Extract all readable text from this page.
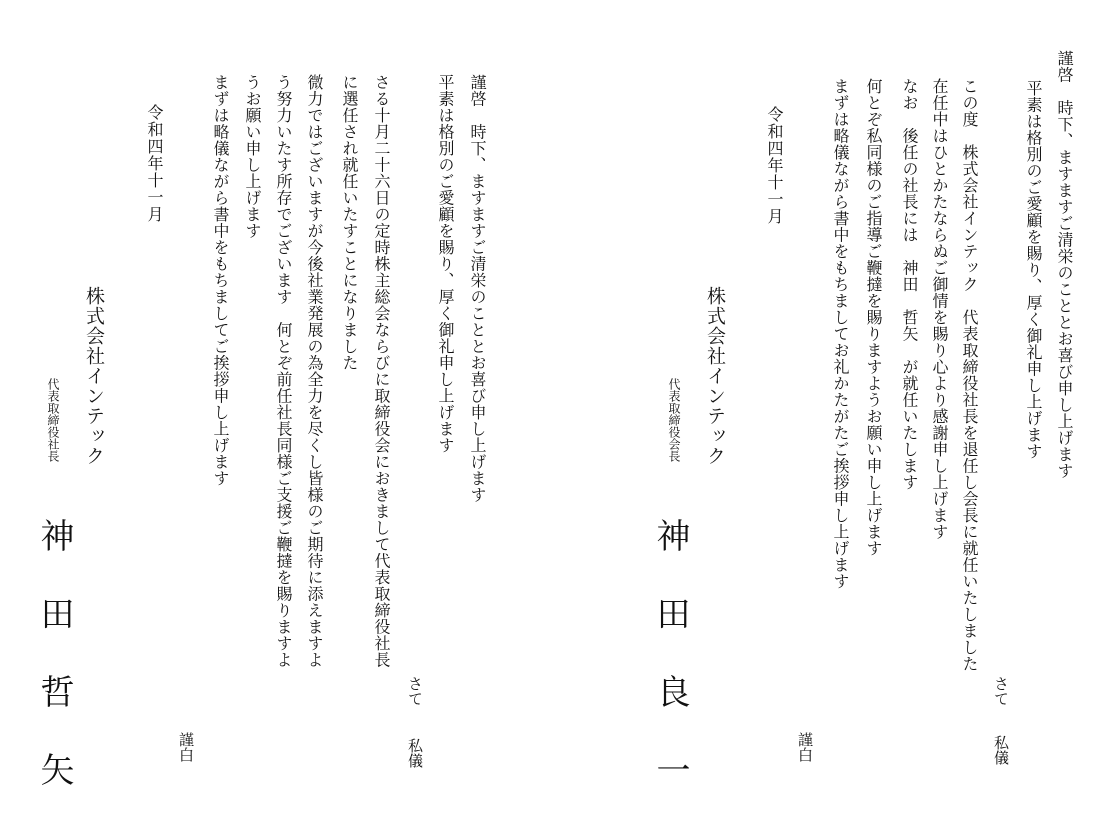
謹啓　時下、ますますご清栄のこととお喜び申し上げます
平素は格別のご愛顧を賜り、厚く御礼申し上げます
さて
私儀
この度　株式会社インテック　代表取締役社長を退任し会長に就任いたしました
在任中はひとかたならぬご御情を賜り心より感謝申し上げます
なお　後任の社長には　神田　哲矢　が就任いたします
何とぞ私同様のご指導ご鞭撻を賜りますようお願い申し上げます
まずは略儀ながら書中をもちましてお礼かたがたご挨拶申し上げます
謹白
令和四年十一月
株式会社インテック
代表取締役会長
神田良一
謹啓　時下、ますますご清栄のこととお喜び申し上げます
平素は格別のご愛顧を賜り、厚く御礼申し上げます
さて
私儀
さる十月二十六日の定時株主総会ならびに取締役会におきまして代表取締役社長
に選任され就任いたすことになりました
微力ではございますが今後社業発展の為全力を尽くし皆様のご期待に添えますよ
う努力いたす所存でございます　何とぞ前任社長同様ご支援ご鞭撻を賜りますよ
うお願い申し上げます
まずは略儀ながら書中をもちましてご挨拶申し上げます
謹白
令和四年十一月
株式会社インテック
代表取締役社長
神田哲矢
